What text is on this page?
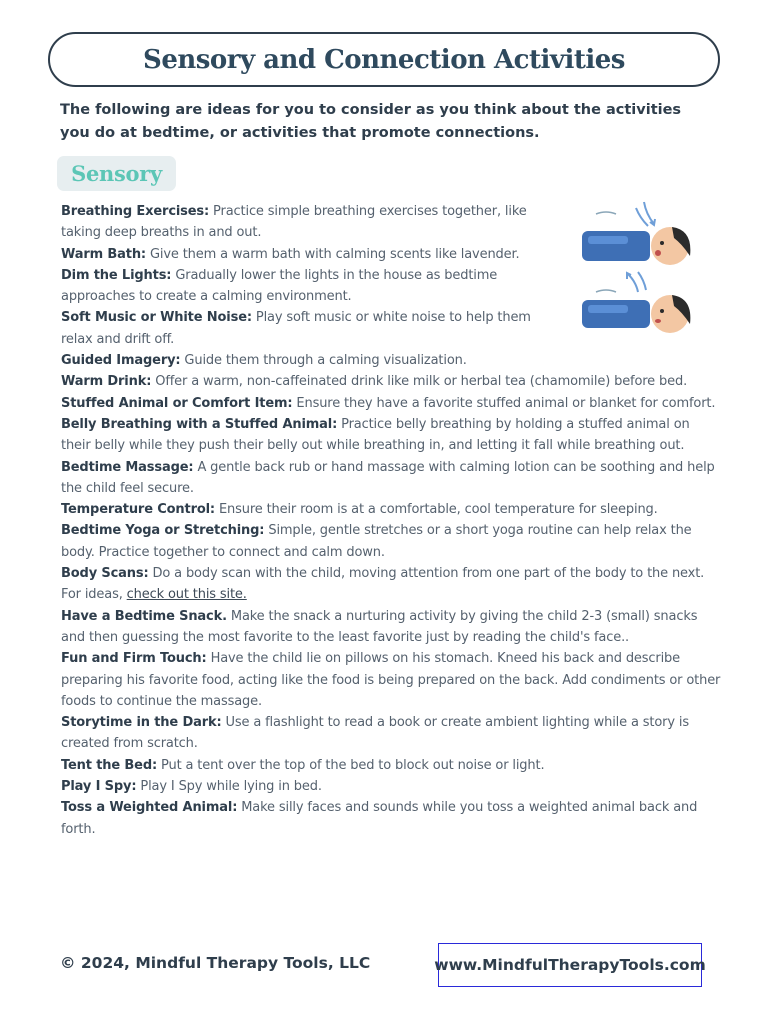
Sensory and Connection Activities

The following are ideas for you to consider as you think about the activities you do at bedtime, or activities that promote connections.

Sensory

Breathing Exercises: Practice simple breathing exercises together, like taking deep breaths in and out.

Warm Bath: Give them a warm bath with calming scents like lavender.

Dim the Lights: Gradually lower the lights in the house as bedtime approaches to create a calming environment.

Soft Music or White Noise: Play soft music or white noise to help them relax and drift off.

Guided Imagery: Guide them through a calming visualization.

Warm Drink: Offer a warm, non-caffeinated drink like milk or herbal tea (chamomile) before bed.

Stuffed Animal or Comfort Item: Ensure they have a favorite stuffed animal or blanket for comfort.

Belly Breathing with a Stuffed Animal: Practice belly breathing by holding a stuffed animal on their belly while they push their belly out while breathing in, and letting it fall while breathing out.

Bedtime Massage: A gentle back rub or hand massage with calming lotion can be soothing and help the child feel secure.

Temperature Control: Ensure their room is at a comfortable, cool temperature for sleeping.

Bedtime Yoga or Stretching: Simple, gentle stretches or a short yoga routine can help relax the body. Practice together to connect and calm down.

Body Scans: Do a body scan with the child, moving attention from one part of the body to the next. For ideas, check out this site.

Have a Bedtime Snack. Make the snack a nurturing activity by giving the child 2-3 (small) snacks and then guessing the most favorite to the least favorite just by reading the child's face..

Fun and Firm Touch: Have the child lie on pillows on his stomach. Kneed his back and describe preparing his favorite food, acting like the food is being prepared on the back. Add condiments or other foods to continue the massage.

Storytime in the Dark: Use a flashlight to read a book or create ambient lighting while a story is created from scratch.

Tent the Bed: Put a tent over the top of the bed to block out noise or light.

Play I Spy: Play I Spy while lying in bed.

Toss a Weighted Animal: Make silly faces and sounds while you toss a weighted animal back and forth.

© 2024, Mindful Therapy Tools, LLC	www.MindfulTherapyTools.com
